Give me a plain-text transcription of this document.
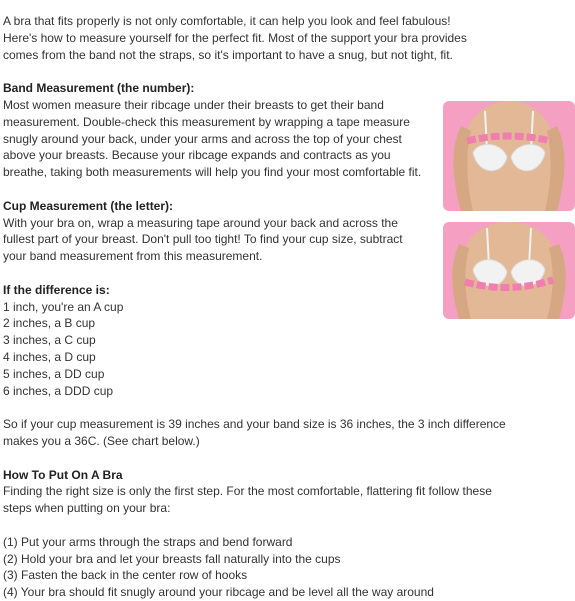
A bra that fits properly is not only comfortable, it can help you look and feel fabulous!
Here's how to measure yourself for the perfect fit. Most of the support your bra provides
comes from the band not the straps, so it's important to have a snug, but not tight, fit.
Band Measurement (the number):
Most women measure their ribcage under their breasts to get their band
measurement. Double-check this measurement by wrapping a tape measure
snugly around your back, under your arms and across the top of your chest
above your breasts. Because your ribcage expands and contracts as you
breathe, taking both measurements will help you find your most comfortable fit.
Cup Measurement (the letter):
With your bra on, wrap a measuring tape around your back and across the
fullest part of your breast. Don't pull too tight! To find your cup size, subtract
your band measurement from this measurement.
If the difference is:
1 inch, you're an A cup
2 inches, a B cup
3 inches, a C cup
4 inches, a D cup
5 inches, a DD cup
6 inches, a DDD cup
So if your cup measurement is 39 inches and your band size is 36 inches, the 3 inch difference
makes you a 36C. (See chart below.)
How To Put On A Bra
Finding the right size is only the first step. For the most comfortable, flattering fit follow these
steps when putting on your bra:
(1) Put your arms through the straps and bend forward
(2) Hold your bra and let your breasts fall naturally into the cups
(3) Fasten the back in the center row of hooks
(4) Your bra should fit snugly around your ribcage and be level all the way around
